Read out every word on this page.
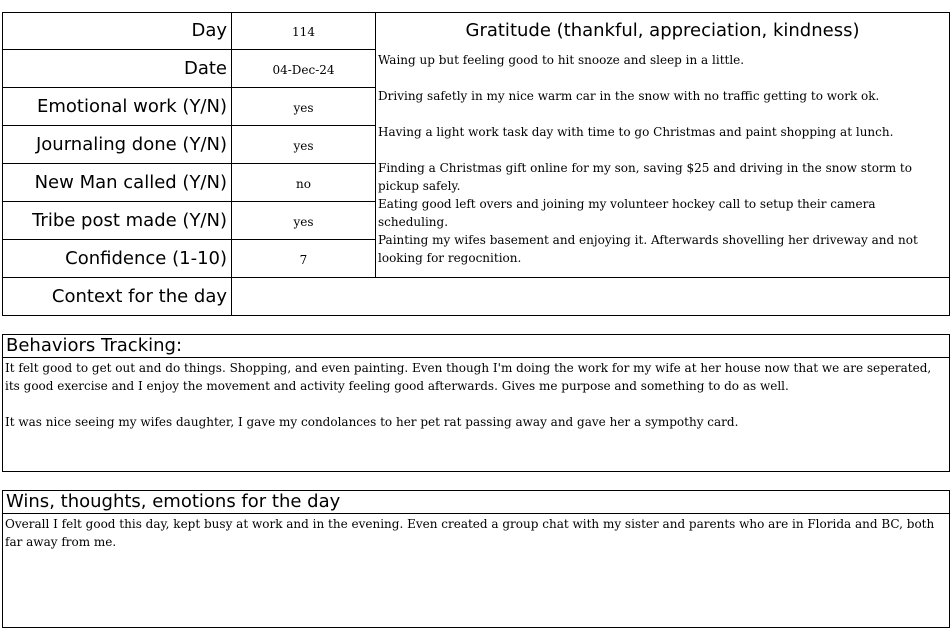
Day
Date
Emotional work (Y/N)
Journaling done (Y/N)
New Man called (Y/N)
Tribe post made (Y/N)
Confidence (1-10)
Context for the day
114
04-Dec-24
yes
yes
no
yes
7
Gratitude (thankful, appreciation, kindness)
Waing up but feeling good to hit snooze and sleep in a little.
Driving safetly in my nice warm car in the snow with no traffic getting to work ok.
Having a light work task day with time to go Christmas and paint shopping at lunch.
Finding a Christmas gift online for my son, saving $25 and driving in the snow storm to pickup safely.
Eating good left overs and joining my volunteer hockey call to setup their camera scheduling.
Painting my wifes basement and enjoying it. Afterwards shovelling her driveway and not looking for regocnition.
Behaviors Tracking:

It felt good to get out and do things. Shopping, and even painting. Even though I'm doing the work for my wife at her house now that we are seperated, its good exercise and I enjoy the movement and activity feeling good afterwards. Gives me purpose and something to do as well.

It was nice seeing my wifes daughter, I gave my condolances to her pet rat passing away and gave her a sympothy card.

Wins, thoughts, emotions for the day

Overall I felt good this day, kept busy at work and in the evening. Even created a group chat with my sister and parents who are in Florida and BC, both far away from me.
